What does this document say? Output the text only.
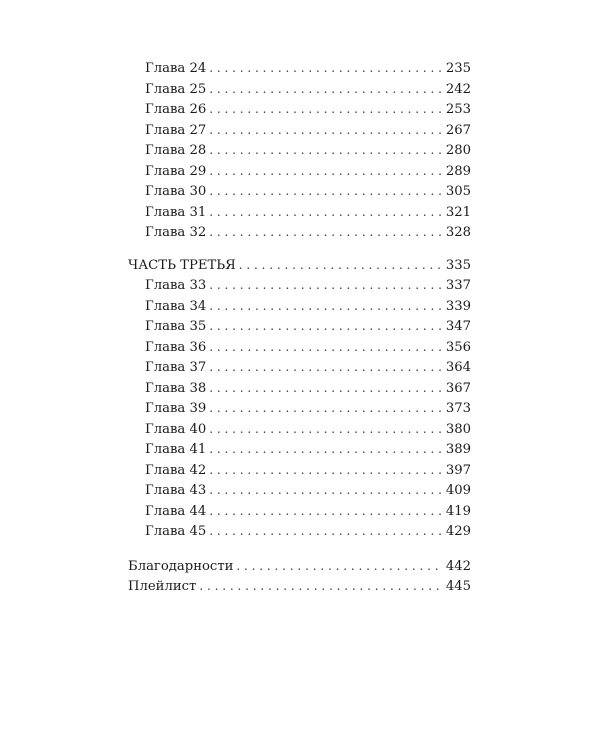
Глава 24 . . .	235
Глава 25 . . .	242
Глава 26 . . .	253
Глава 27 . . .	267
Глава 28 . . .	280
Глава 29 . . .	289
Глава 30 . . .	305
Глава 31 . . .	321
Глава 32 . . .	328
ЧАСТЬ ТРЕТЬЯ . . .	335
Глава 33 . . .	337
Глава 34 . . .	339
Глава 35 . . .	347
Глава 36 . . .	356
Глава 37 . . .	364
Глава 38 . . .	367
Глава 39 . . .	373
Глава 40 . . .	380
Глава 41 . . .	389
Глава 42 . . .	397
Глава 43 . . .	409
Глава 44 . . .	419
Глава 45 . . .	429
Благодарности . . .	442
Плейлист . . .	445
